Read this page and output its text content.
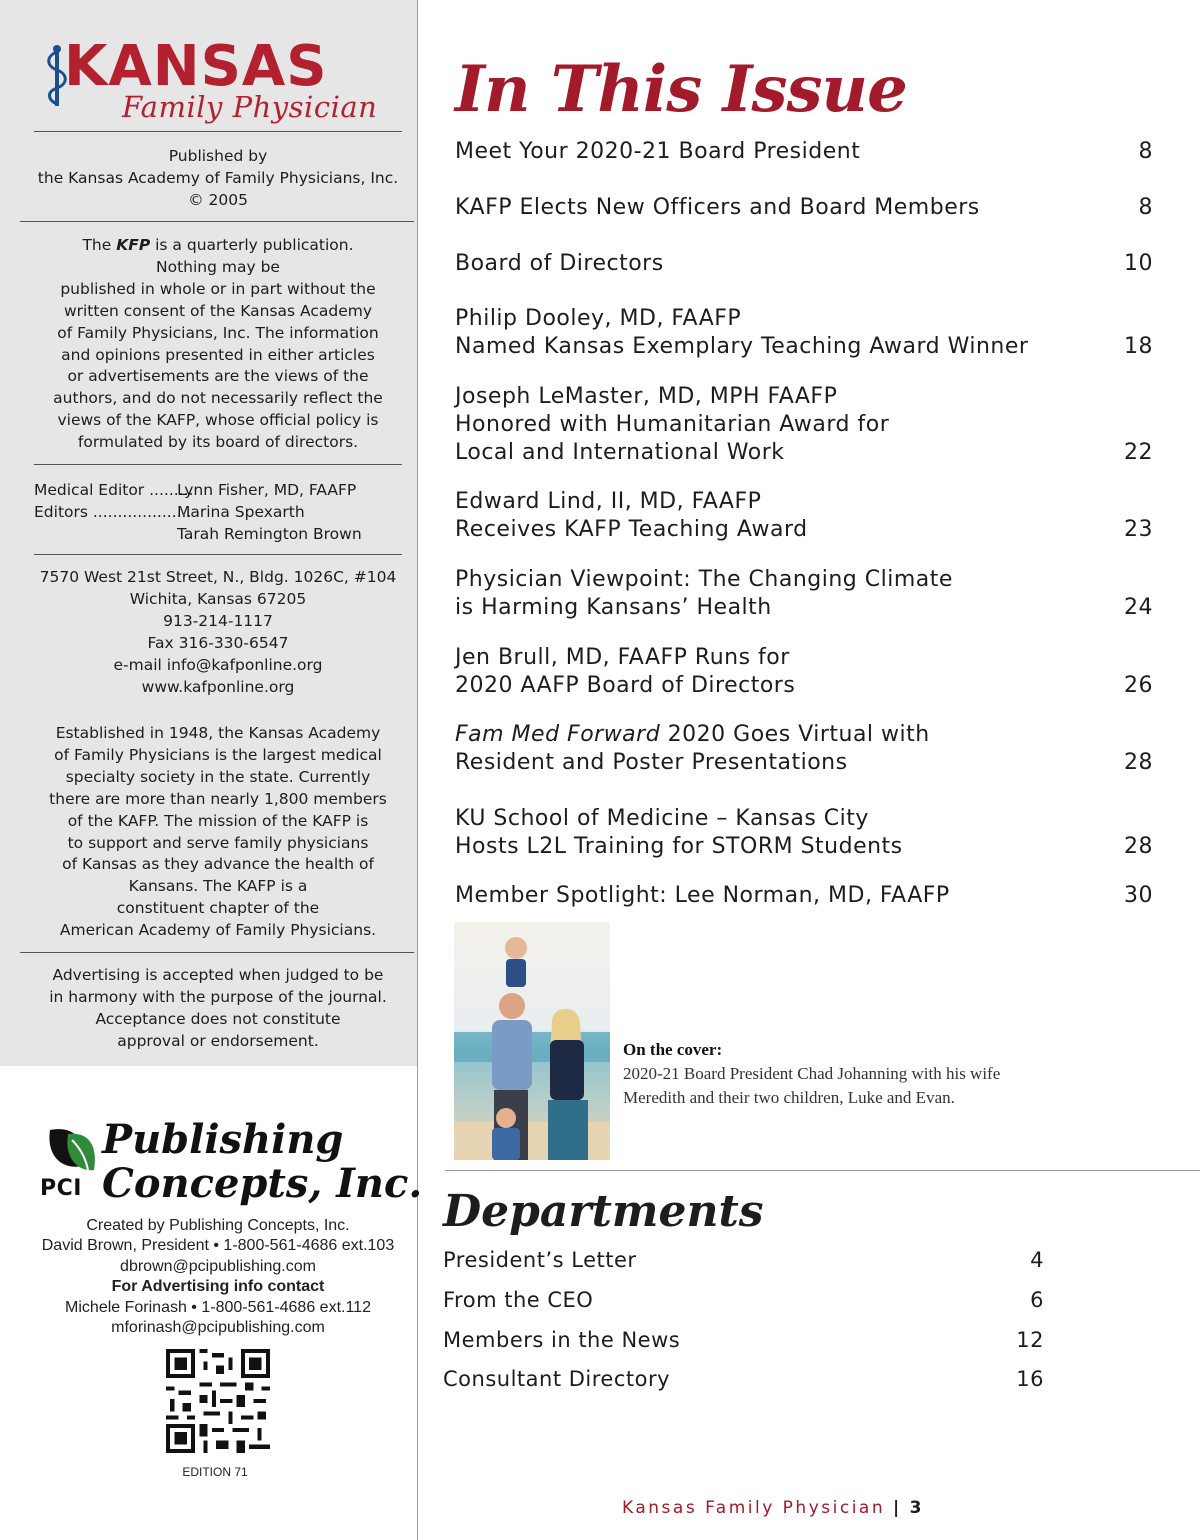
KANSAS
Family Physician

Published by

the Kansas Academy of Family Physicians, Inc.

© 2005

The KFP is a quarterly publication.

Nothing may be

published in whole or in part without the

written consent of the Kansas Academy

of Family Physicians, Inc. The information

and opinions presented in either articles

or advertisements are the views of the

authors, and do not necessarily reflect the

views of the KAFP, whose official policy is

formulated by its board of directors.

Medical Editor .........
Lynn Fisher, MD, FAAFP
Editors ....................
Marina Spexarth
Tarah Remington Brown

7570 West 21st Street, N., Bldg. 1026C, #104

Wichita, Kansas 67205

913-214-1117

Fax 316-330-6547

e-mail info@kafponline.org

www.kafponline.org

Established in 1948, the Kansas Academy

of Family Physicians is the largest medical

specialty society in the state. Currently

there are more than nearly 1,800 members

of the KAFP. The mission of the KAFP is

to support and serve family physicians

of Kansas as they advance the health of

Kansans. The KAFP is a

constituent chapter of the

American Academy of Family Physicians.

Advertising is accepted when judged to be

in harmony with the purpose of the journal.

Acceptance does not constitute

approval or endorsement.

PCI
Publishing
Concepts, Inc.

Created by Publishing Concepts, Inc.

David Brown, President • 1-800-561-4686 ext.103

dbrown@pcipublishing.com

For Advertising info contact

Michele Forinash • 1-800-561-4686 ext.112

mforinash@pcipublishing.com

EDITION 71
In This Issue

Meet Your 2020-21 Board President	8

KAFP Elects New Officers and Board Members	8

Board of Directors	10

Philip Dooley, MD, FAAFP

Named Kansas Exemplary Teaching Award Winner	18

Joseph LeMaster, MD, MPH FAAFP

Honored with Humanitarian Award for

Local and International Work	22

Edward Lind, II, MD, FAAFP

Receives KAFP Teaching Award	23

Physician Viewpoint: The Changing Climate

is Harming Kansans’ Health	24

Jen Brull, MD, FAAFP Runs for

2020 AAFP Board of Directors	26

Fam Med Forward 2020 Goes Virtual with

Resident and Poster Presentations	28

KU School of Medicine – Kansas City

Hosts L2L Training for STORM Students	28

Member Spotlight: Lee Norman, MD, FAAFP	30

On the cover:

2020-21 Board President Chad Johanning with his wife

Meredith and their two children, Luke and Evan.

Departments
President’s Letter	4
From the CEO	6
Members in the News	12
Consultant Directory	16
Kansas Family Physician | 3
